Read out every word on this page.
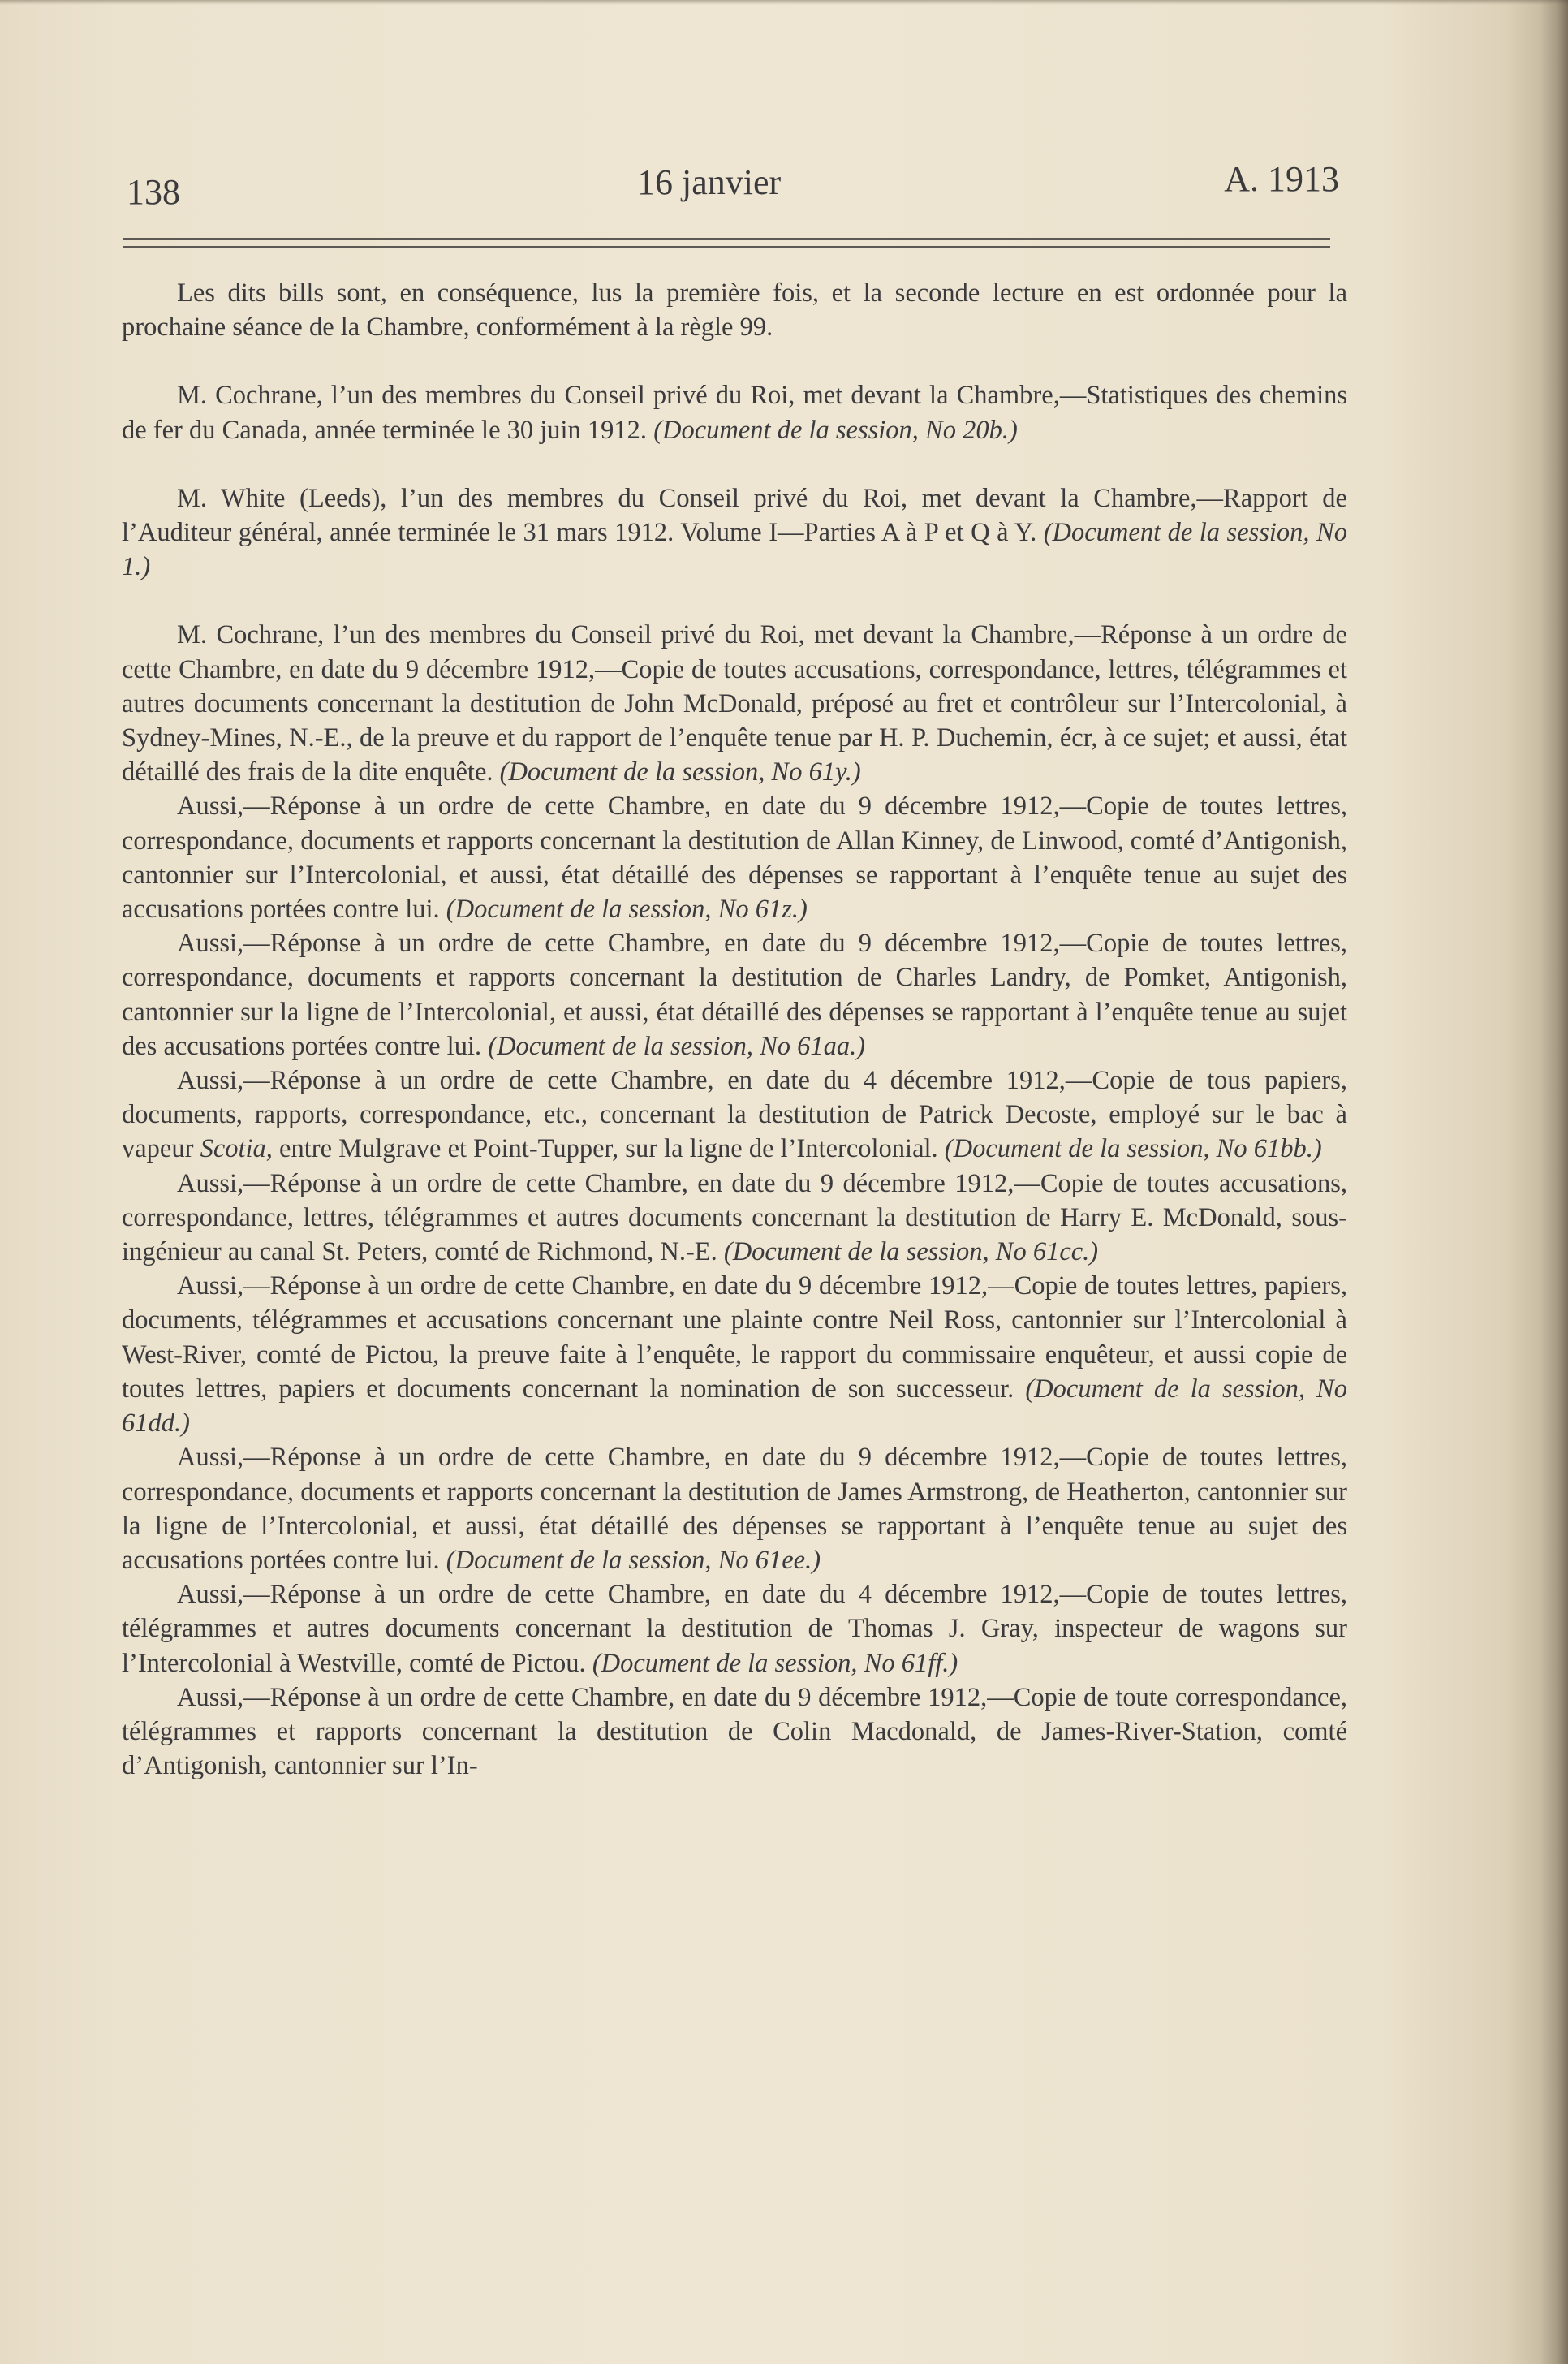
138	16 janvier	A. 1913

Les dits bills sont, en conséquence, lus la première fois, et la seconde lecture en est ordonnée pour la prochaine séance de la Chambre, conformément à la règle 99.

M. Cochrane, l’un des membres du Conseil privé du Roi, met devant la Chambre,—Statistiques des chemins de fer du Canada, année terminée le 30 juin 1912. (Document de la session, No 20b.)

M. White (Leeds), l’un des membres du Conseil privé du Roi, met devant la Chambre,—Rapport de l’Auditeur général, année terminée le 31 mars 1912. Volume I—Parties A à P et Q à Y. (Document de la session, No 1.)

M. Cochrane, l’un des membres du Conseil privé du Roi, met devant la Chambre,—Réponse à un ordre de cette Chambre, en date du 9 décembre 1912,—Copie de toutes accusations, correspondance, lettres, télégrammes et autres documents concernant la destitution de John McDonald, préposé au fret et contrôleur sur l’Intercolonial, à Sydney-Mines, N.-E., de la preuve et du rapport de l’enquête tenue par H. P. Duchemin, écr, à ce sujet; et aussi, état détaillé des frais de la dite enquête. (Document de la session, No 61y.)

Aussi,—Réponse à un ordre de cette Chambre, en date du 9 décembre 1912,—Copie de toutes lettres, correspondance, documents et rapports concernant la destitution de Allan Kinney, de Linwood, comté d’Antigonish, cantonnier sur l’Intercolonial, et aussi, état détaillé des dépenses se rapportant à l’enquête tenue au sujet des accusations portées contre lui. (Document de la session, No 61z.)

Aussi,—Réponse à un ordre de cette Chambre, en date du 9 décembre 1912,—Copie de toutes lettres, correspondance, documents et rapports concernant la destitution de Charles Landry, de Pomket, Antigonish, cantonnier sur la ligne de l’Intercolonial, et aussi, état détaillé des dépenses se rapportant à l’enquête tenue au sujet des accusations portées contre lui. (Document de la session, No 61aa.)

Aussi,—Réponse à un ordre de cette Chambre, en date du 4 décembre 1912,—Copie de tous papiers, documents, rapports, correspondance, etc., concernant la destitution de Patrick Decoste, employé sur le bac à vapeur Scotia, entre Mulgrave et Point-Tupper, sur la ligne de l’Intercolonial. (Document de la session, No 61bb.)

Aussi,—Réponse à un ordre de cette Chambre, en date du 9 décembre 1912,—Copie de toutes accusations, correspondance, lettres, télégrammes et autres documents concernant la destitution de Harry E. McDonald, sous-ingénieur au canal St. Peters, comté de Richmond, N.-E. (Document de la session, No 61cc.)

Aussi,—Réponse à un ordre de cette Chambre, en date du 9 décembre 1912,—Copie de toutes lettres, papiers, documents, télégrammes et accusations concernant une plainte contre Neil Ross, cantonnier sur l’Intercolonial à West-River, comté de Pictou, la preuve faite à l’enquête, le rapport du commissaire enquêteur, et aussi copie de toutes lettres, papiers et documents concernant la nomination de son successeur. (Document de la session, No 61dd.)

Aussi,—Réponse à un ordre de cette Chambre, en date du 9 décembre 1912,—Copie de toutes lettres, correspondance, documents et rapports concernant la destitution de James Armstrong, de Heatherton, cantonnier sur la ligne de l’Intercolonial, et aussi, état détaillé des dépenses se rapportant à l’enquête tenue au sujet des accusations portées contre lui. (Document de la session, No 61ee.)

Aussi,—Réponse à un ordre de cette Chambre, en date du 4 décembre 1912,—Copie de toutes lettres, télégrammes et autres documents concernant la destitution de Thomas J. Gray, inspecteur de wagons sur l’Intercolonial à Westville, comté de Pictou. (Document de la session, No 61ff.)

Aussi,—Réponse à un ordre de cette Chambre, en date du 9 décembre 1912,—Copie de toute correspondance, télégrammes et rapports concernant la destitution de Colin Macdonald, de James-River-Station, comté d’Antigonish, cantonnier sur l’In-
